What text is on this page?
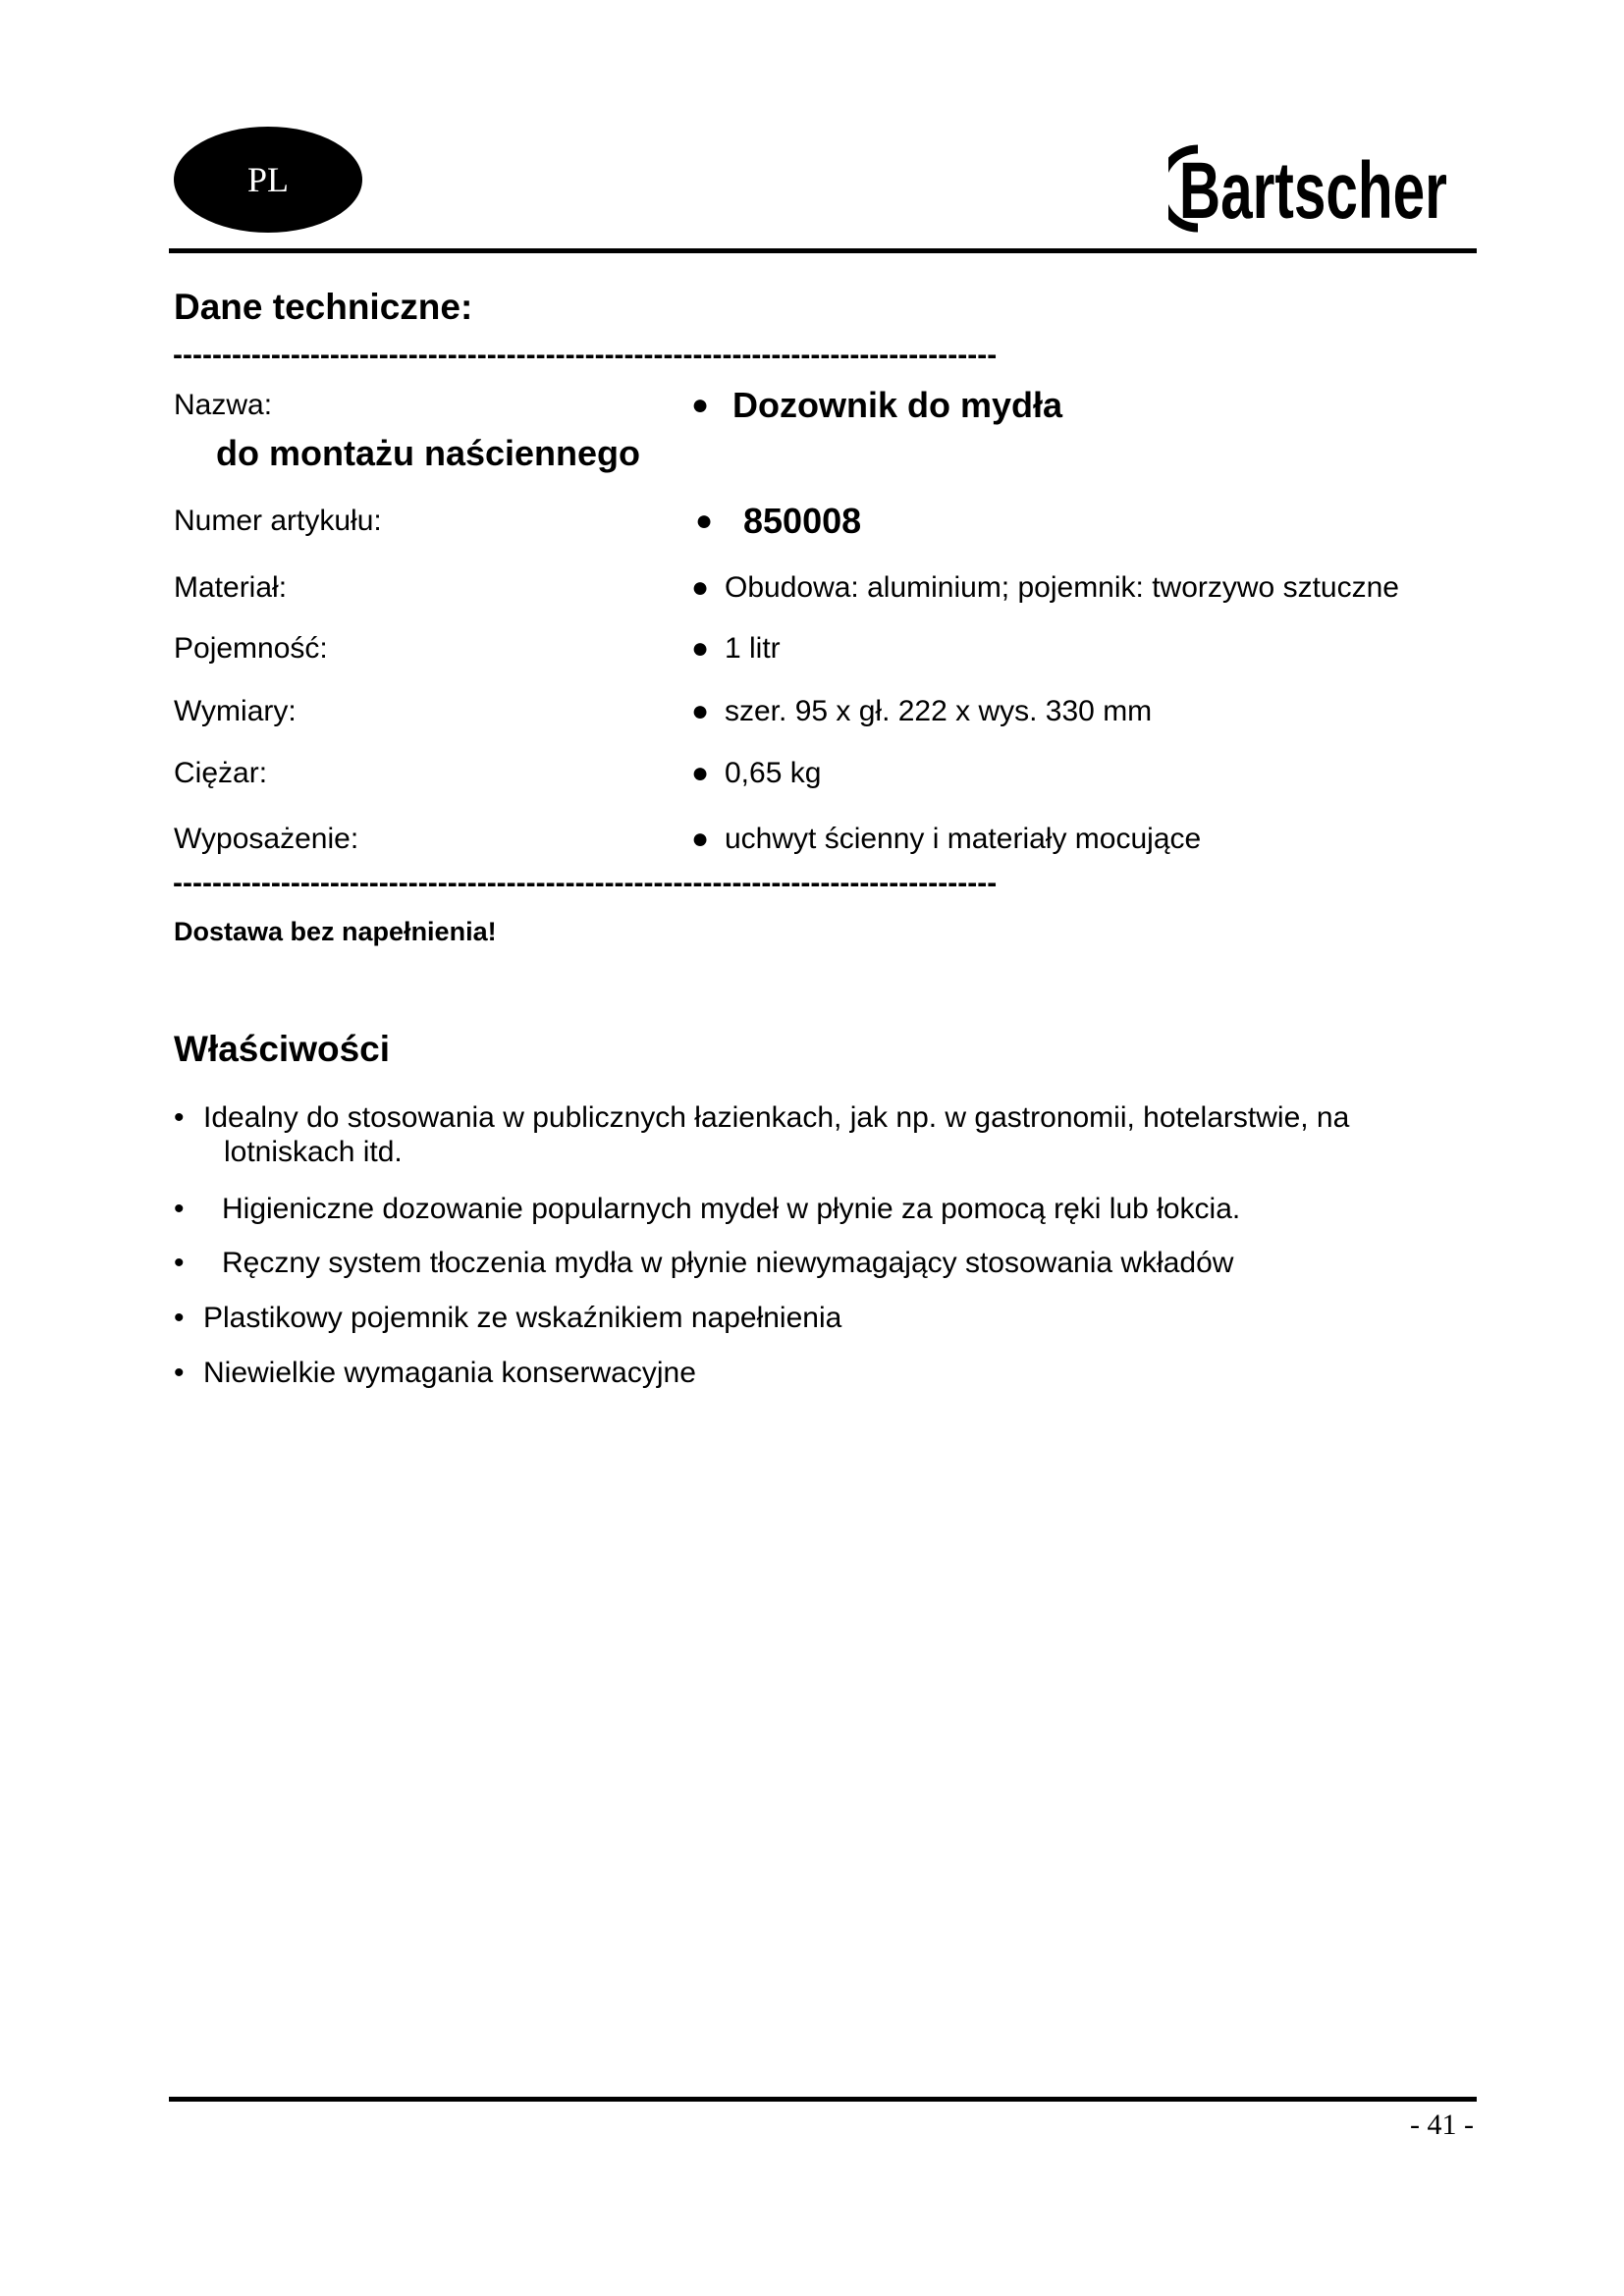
PL	Bartscher
Dane techniczne:
------------------------------------------------------------------------------------
Nazwa:	● Dozownik do mydła
do montażu naściennego
Numer artykułu:	● 850008
Materiał:	● Obudowa: aluminium; pojemnik: tworzywo sztuczne
Pojemność:	● 1 litr
Wymiary:	● szer. 95 x gł. 222 x wys. 330 mm
Ciężar:	● 0,65 kg
Wyposażenie:	● uchwyt ścienny i materiały mocujące
------------------------------------------------------------------------------------
Dostawa bez napełnienia!
Właściwości
• Idealny do stosowania w publicznych łazienkach, jak np. w gastronomii, hotelarstwie, na
lotniskach itd.
• Higieniczne dozowanie popularnych mydeł w płynie za pomocą ręki lub łokcia.
• Ręczny system tłoczenia mydła w płynie niewymagający stosowania wkładów
• Plastikowy pojemnik ze wskaźnikiem napełnienia
• Niewielkie wymagania konserwacyjne
- 41 -
